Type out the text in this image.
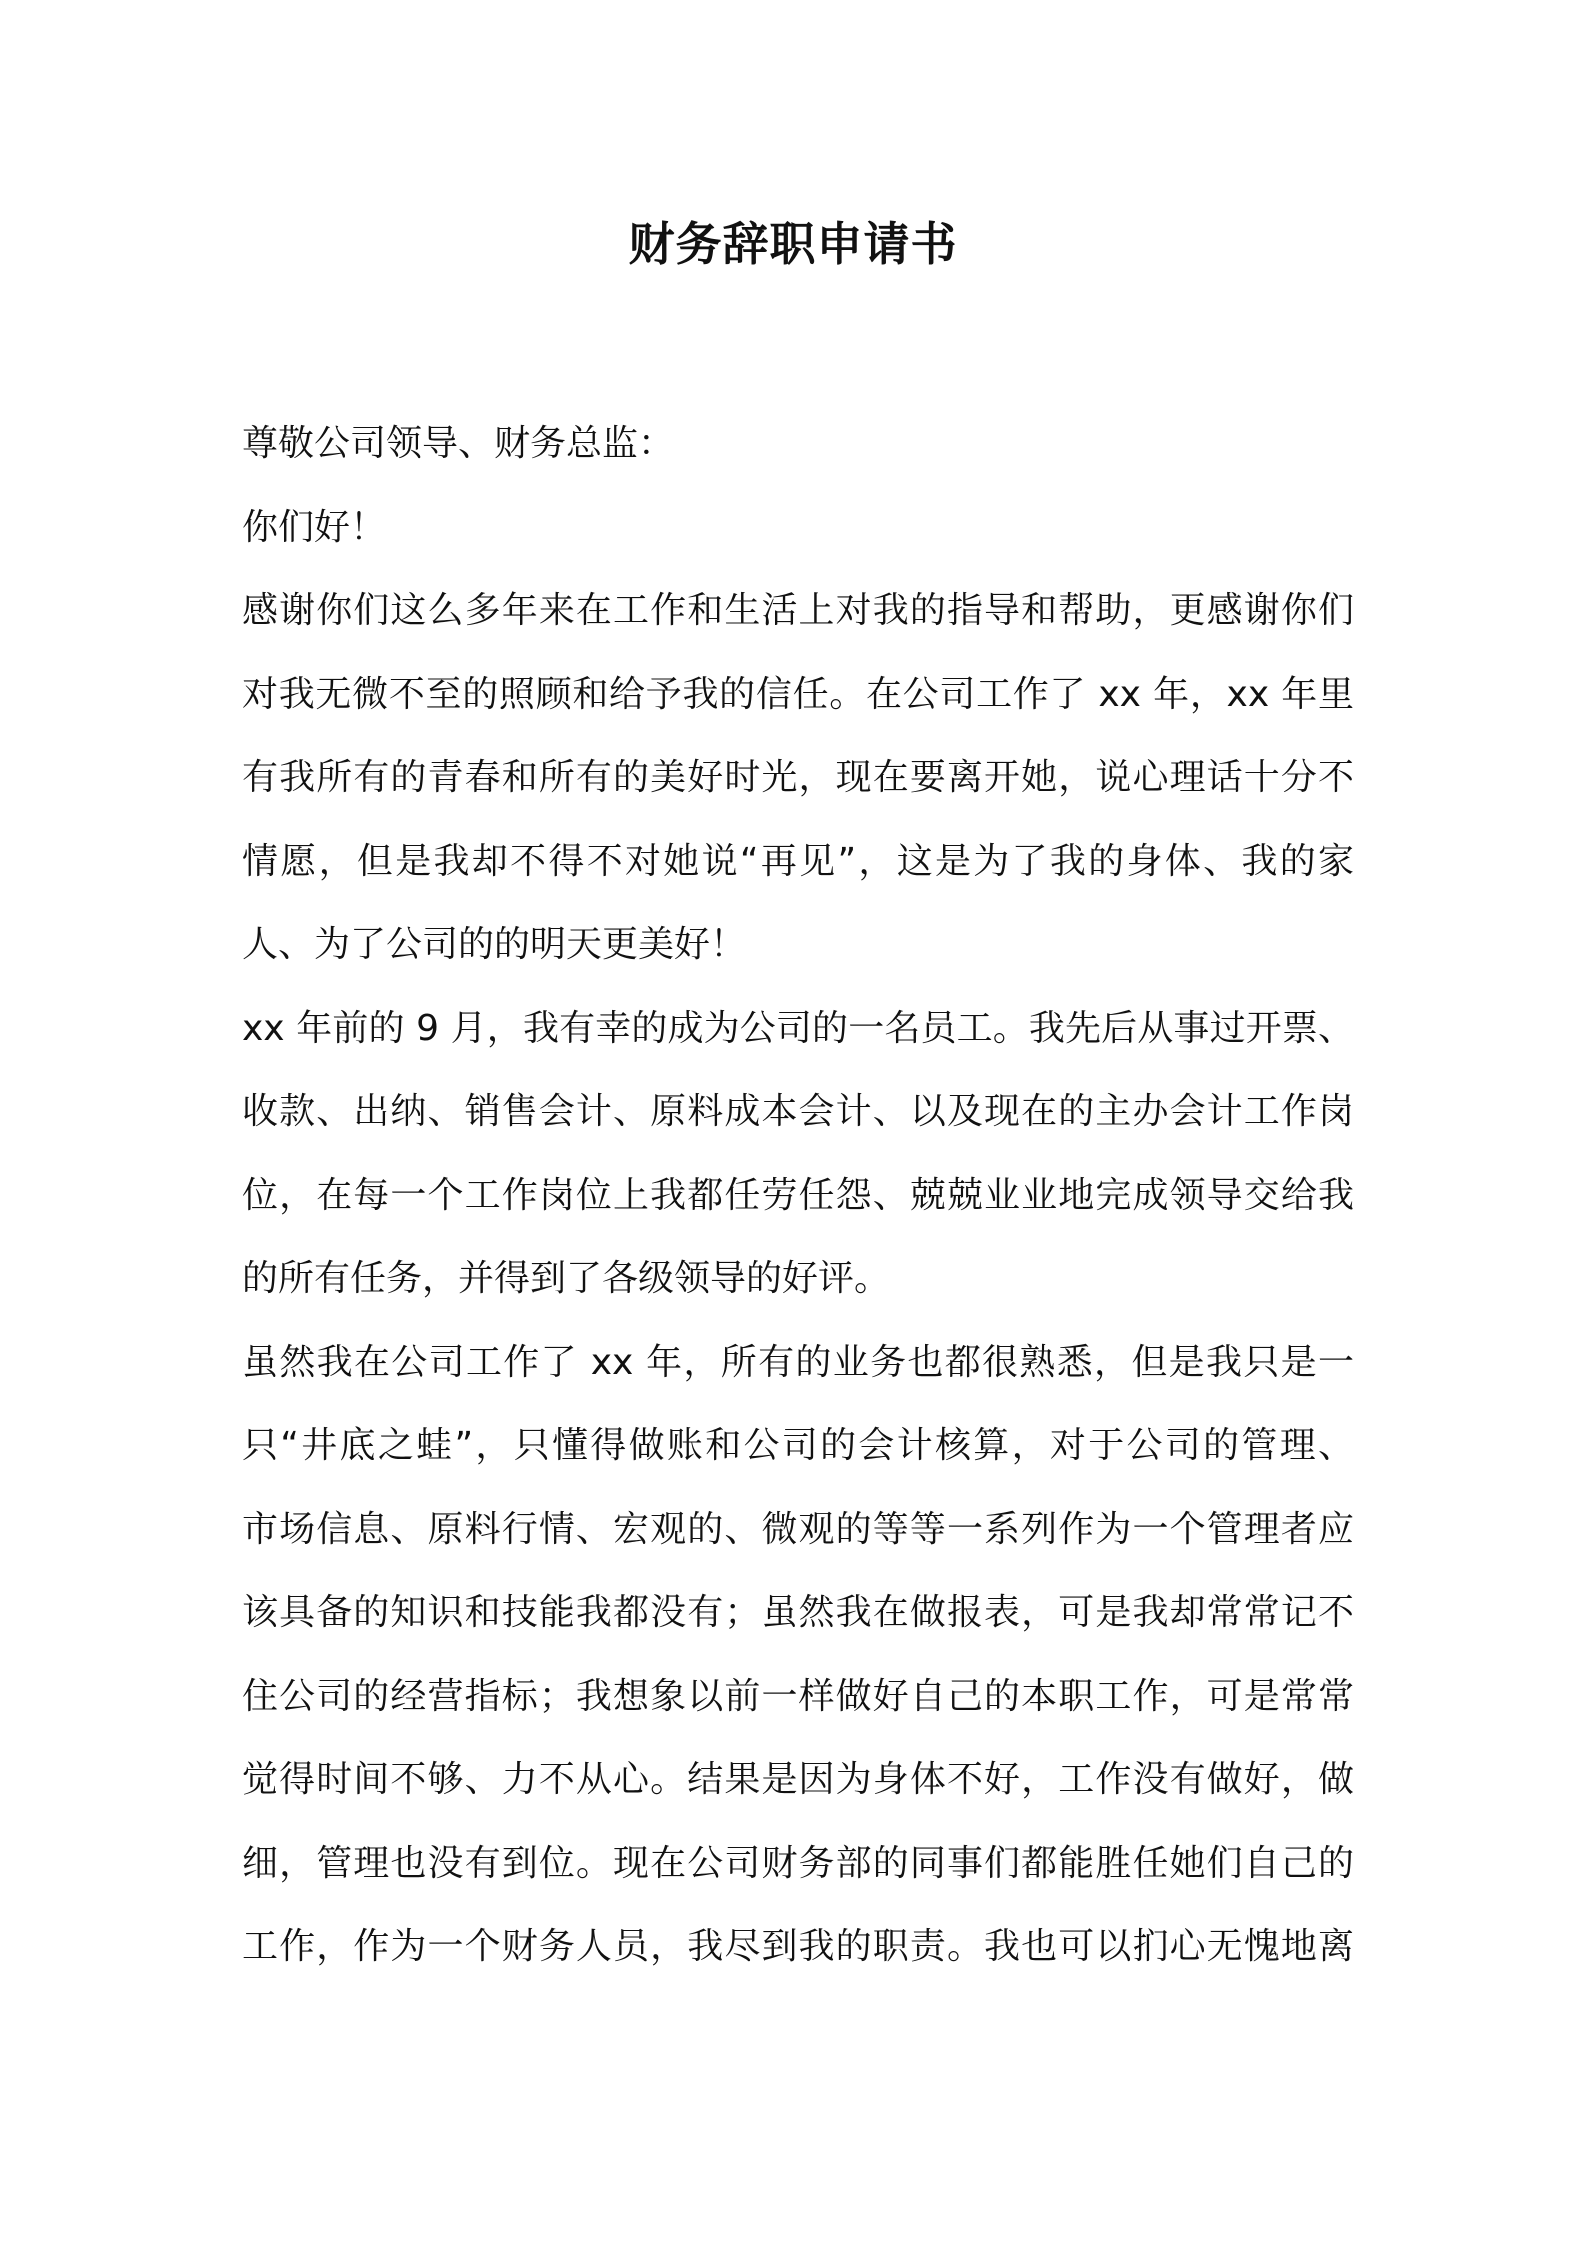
财务辞职申请书
尊敬公司领导、财务总监：
你们好！
感谢你们这么多年来在工作和生活上对我的指导和帮助，更感谢你们
对我无微不至的照顾和给予我的信任。在公司工作了 xx 年，xx 年里
有我所有的青春和所有的美好时光，现在要离开她，说心理话十分不
情愿，但是我却不得不对她说“再见”，这是为了我的身体、我的家
人、为了公司的的明天更美好！
xx 年前的 9 月，我有幸的成为公司的一名员工。我先后从事过开票、
收款、出纳、销售会计、原料成本会计、以及现在的主办会计工作岗
位，在每一个工作岗位上我都任劳任怨、兢兢业业地完成领导交给我
的所有任务，并得到了各级领导的好评。
虽然我在公司工作了 xx 年，所有的业务也都很熟悉，但是我只是一
只“井底之蛙”，只懂得做账和公司的会计核算，对于公司的管理、
市场信息、原料行情、宏观的、微观的等等一系列作为一个管理者应
该具备的知识和技能我都没有；虽然我在做报表，可是我却常常记不
住公司的经营指标；我想象以前一样做好自己的本职工作，可是常常
觉得时间不够、力不从心。结果是因为身体不好，工作没有做好，做
细，管理也没有到位。现在公司财务部的同事们都能胜任她们自己的
工作，作为一个财务人员，我尽到我的职责。我也可以扪心无愧地离
